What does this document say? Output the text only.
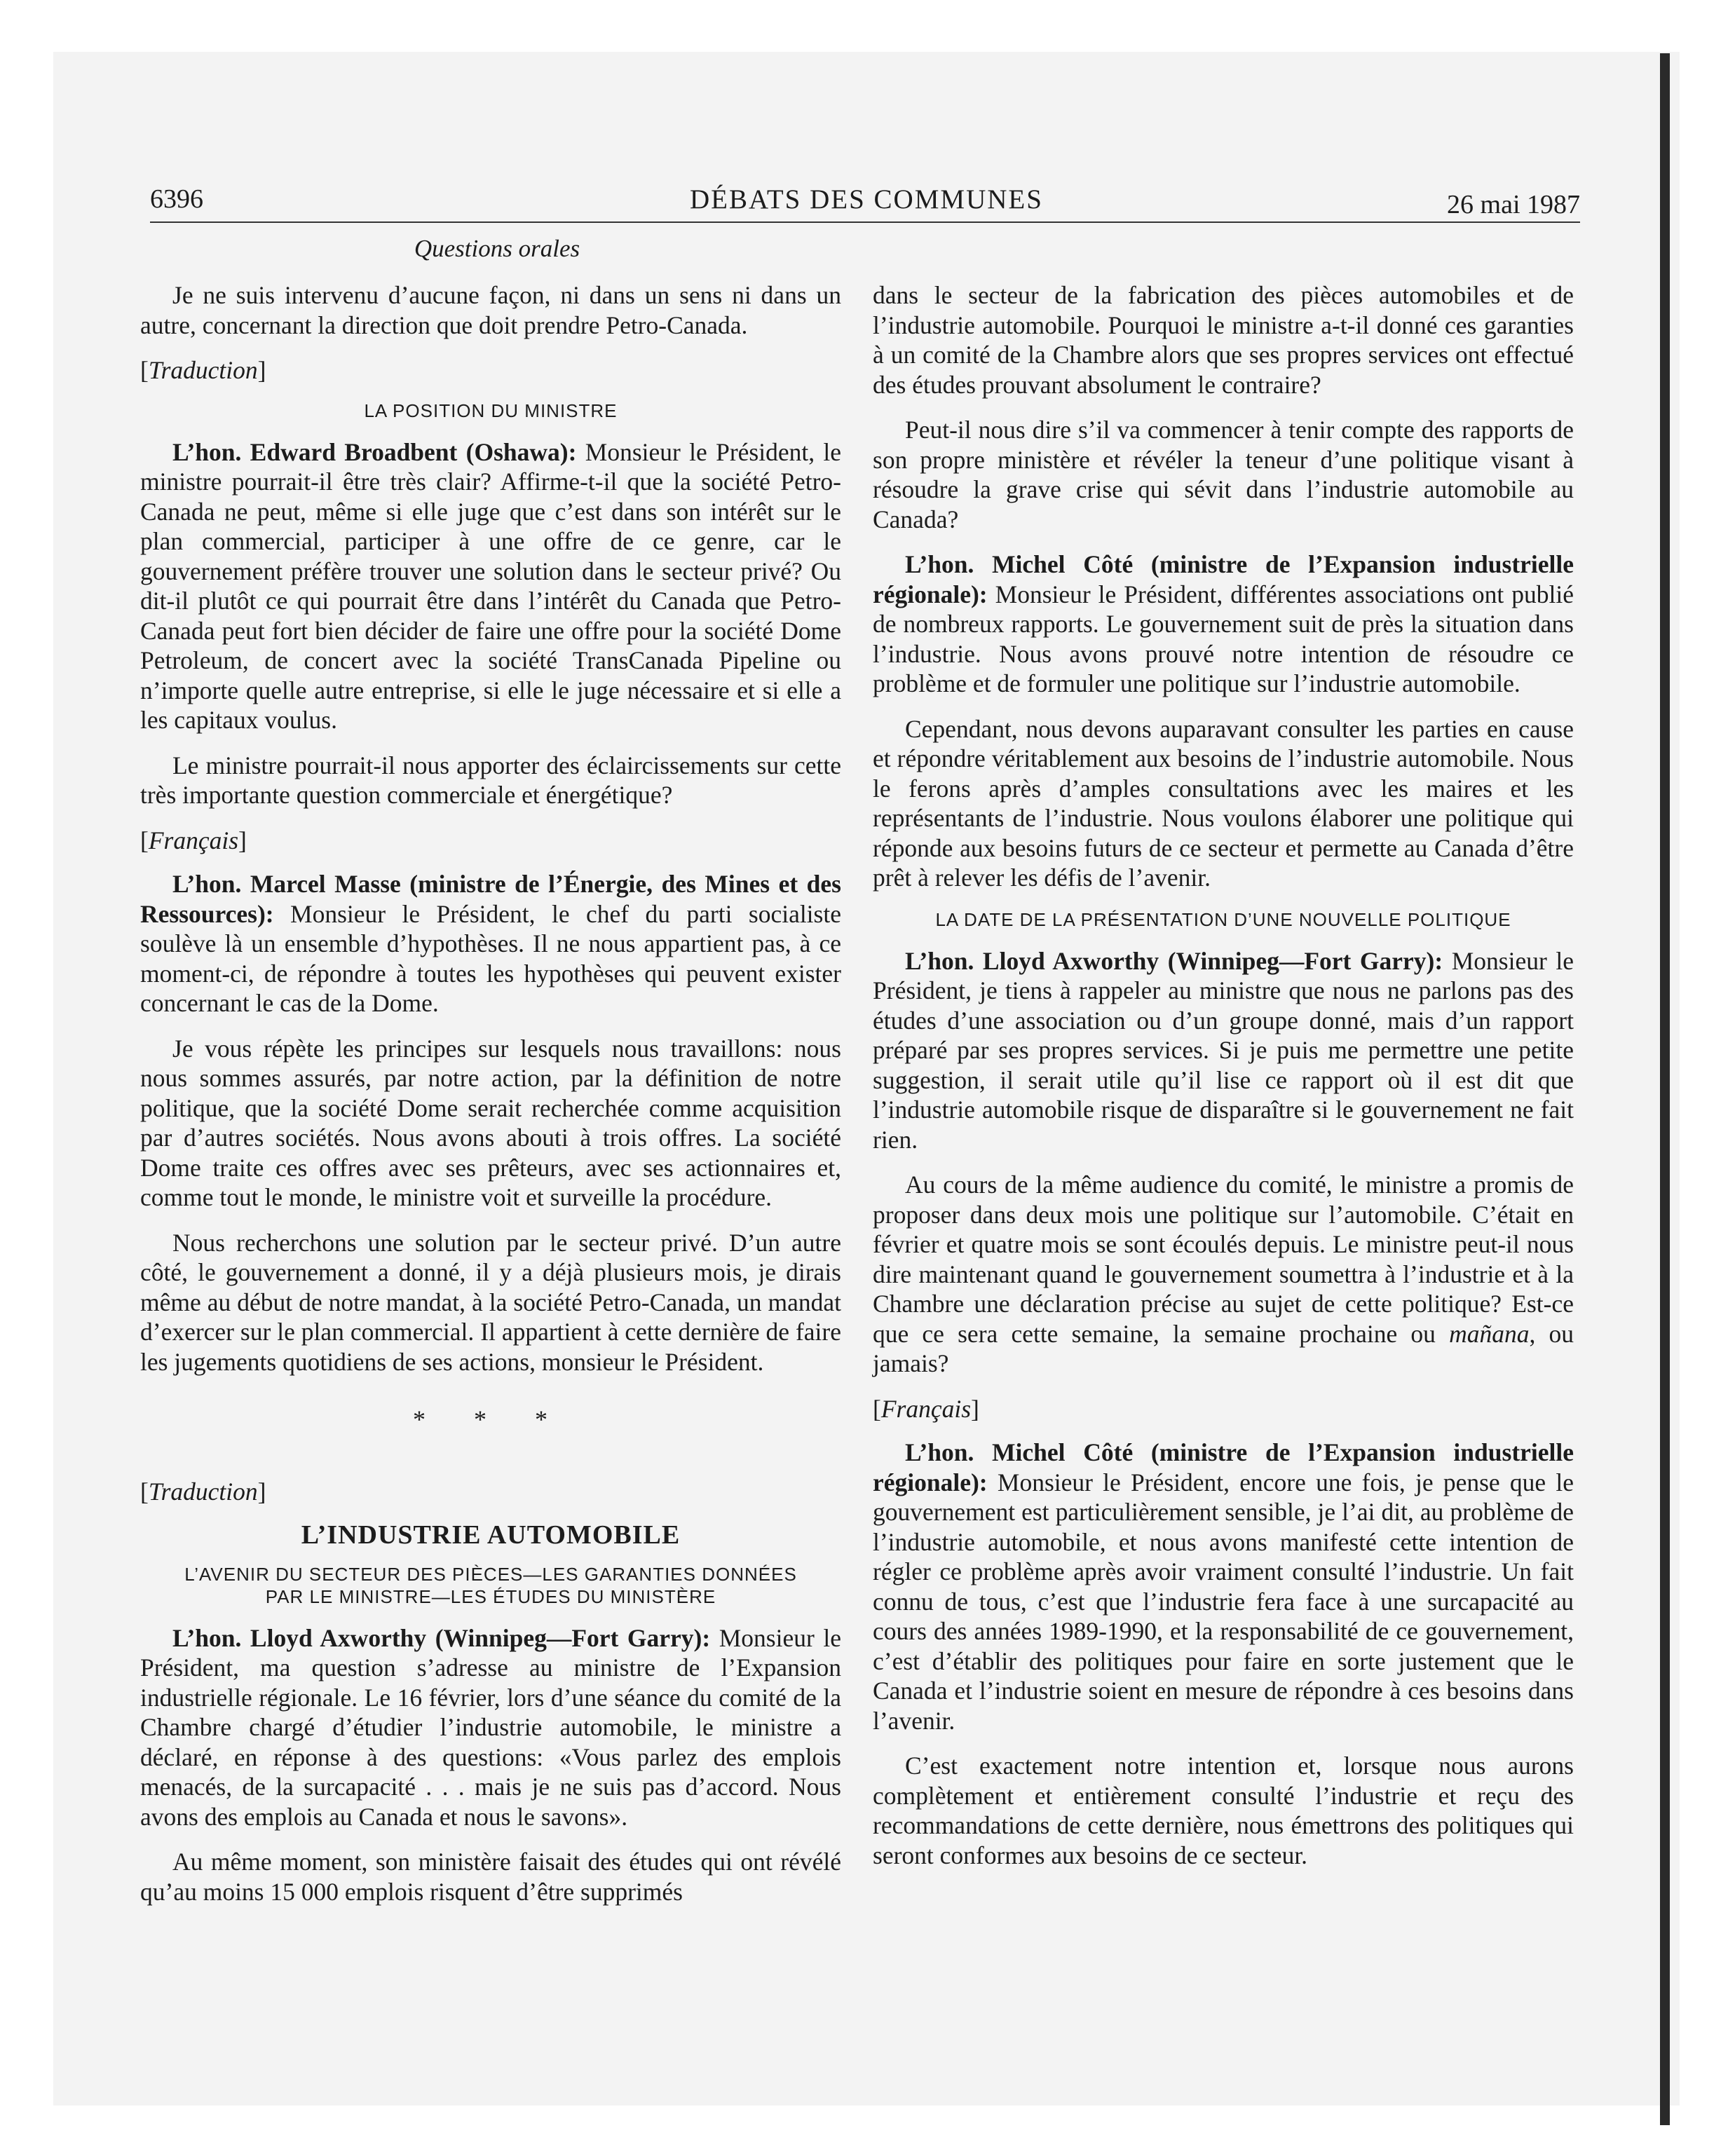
6396	DÉBATS DES COMMUNES	26 mai 1987
Questions orales

Je ne suis intervenu d’aucune façon, ni dans un sens ni dans un autre, concernant la direction que doit prendre Petro-Canada.

[Traduction]

LA POSITION DU MINISTRE

L’hon. Edward Broadbent (Oshawa): Monsieur le Président, le ministre pourrait-il être très clair? Affirme-t-il que la société Petro-Canada ne peut, même si elle juge que c’est dans son intérêt sur le plan commercial, participer à une offre de ce genre, car le gouvernement préfère trouver une solution dans le secteur privé? Ou dit-il plutôt ce qui pourrait être dans l’intérêt du Canada que Petro-Canada peut fort bien décider de faire une offre pour la société Dome Petroleum, de concert avec la société TransCanada Pipeline ou n’importe quelle autre entreprise, si elle le juge nécessaire et si elle a les capitaux voulus.

Le ministre pourrait-il nous apporter des éclaircissements sur cette très importante question commerciale et énergétique?

[Français]

L’hon. Marcel Masse (ministre de l’Énergie, des Mines et des Ressources): Monsieur le Président, le chef du parti socialiste soulève là un ensemble d’hypothèses. Il ne nous appartient pas, à ce moment-ci, de répondre à toutes les hypothèses qui peuvent exister concernant le cas de la Dome.

Je vous répète les principes sur lesquels nous travaillons: nous nous sommes assurés, par notre action, par la définition de notre politique, que la société Dome serait recherchée comme acquisition par d’autres sociétés. Nous avons abouti à trois offres. La société Dome traite ces offres avec ses prêteurs, avec ses actionnaires et, comme tout le monde, le ministre voit et surveille la procédure.

Nous recherchons une solution par le secteur privé. D’un autre côté, le gouvernement a donné, il y a déjà plusieurs mois, je dirais même au début de notre mandat, à la société Petro-Canada, un mandat d’exercer sur le plan commercial. Il appartient à cette dernière de faire les jugements quotidiens de ses actions, monsieur le Président.

* * *

[Traduction]

L’INDUSTRIE AUTOMOBILE
L’AVENIR DU SECTEUR DES PIÈCES—LES GARANTIES DONNÉES
PAR LE MINISTRE—LES ÉTUDES DU MINISTÈRE

L’hon. Lloyd Axworthy (Winnipeg—Fort Garry): Monsieur le Président, ma question s’adresse au ministre de l’Expansion industrielle régionale. Le 16 février, lors d’une séance du comité de la Chambre chargé d’étudier l’industrie automobile, le ministre a déclaré, en réponse à des questions: «Vous parlez des emplois menacés, de la surcapacité . . . mais je ne suis pas d’accord. Nous avons des emplois au Canada et nous le savons».

Au même moment, son ministère faisait des études qui ont révélé qu’au moins 15 000 emplois risquent d’être supprimés

dans le secteur de la fabrication des pièces automobiles et de l’industrie automobile. Pourquoi le ministre a-t-il donné ces garanties à un comité de la Chambre alors que ses propres services ont effectué des études prouvant absolument le contraire?

Peut-il nous dire s’il va commencer à tenir compte des rapports de son propre ministère et révéler la teneur d’une politique visant à résoudre la grave crise qui sévit dans l’industrie automobile au Canada?

L’hon. Michel Côté (ministre de l’Expansion industrielle régionale): Monsieur le Président, différentes associations ont publié de nombreux rapports. Le gouvernement suit de près la situation dans l’industrie. Nous avons prouvé notre intention de résoudre ce problème et de formuler une politique sur l’industrie automobile.

Cependant, nous devons auparavant consulter les parties en cause et répondre véritablement aux besoins de l’industrie automobile. Nous le ferons après d’amples consultations avec les maires et les représentants de l’industrie. Nous voulons élaborer une politique qui réponde aux besoins futurs de ce secteur et permette au Canada d’être prêt à relever les défis de l’avenir.

LA DATE DE LA PRÉSENTATION D’UNE NOUVELLE POLITIQUE

L’hon. Lloyd Axworthy (Winnipeg—Fort Garry): Monsieur le Président, je tiens à rappeler au ministre que nous ne parlons pas des études d’une association ou d’un groupe donné, mais d’un rapport préparé par ses propres services. Si je puis me permettre une petite suggestion, il serait utile qu’il lise ce rapport où il est dit que l’industrie automobile risque de disparaître si le gouvernement ne fait rien.

Au cours de la même audience du comité, le ministre a promis de proposer dans deux mois une politique sur l’automobile. C’était en février et quatre mois se sont écoulés depuis. Le ministre peut-il nous dire maintenant quand le gouvernement soumettra à l’industrie et à la Chambre une déclaration précise au sujet de cette politique? Est-ce que ce sera cette semaine, la semaine prochaine ou mañana, ou jamais?

[Français]

L’hon. Michel Côté (ministre de l’Expansion industrielle régionale): Monsieur le Président, encore une fois, je pense que le gouvernement est particulièrement sensible, je l’ai dit, au problème de l’industrie automobile, et nous avons manifesté cette intention de régler ce problème après avoir vraiment consulté l’industrie. Un fait connu de tous, c’est que l’industrie fera face à une surcapacité au cours des années 1989-1990, et la responsabilité de ce gouvernement, c’est d’établir des politiques pour faire en sorte justement que le Canada et l’industrie soient en mesure de répondre à ces besoins dans l’avenir.

C’est exactement notre intention et, lorsque nous aurons complètement et entièrement consulté l’industrie et reçu des recommandations de cette dernière, nous émettrons des politiques qui seront conformes aux besoins de ce secteur.
